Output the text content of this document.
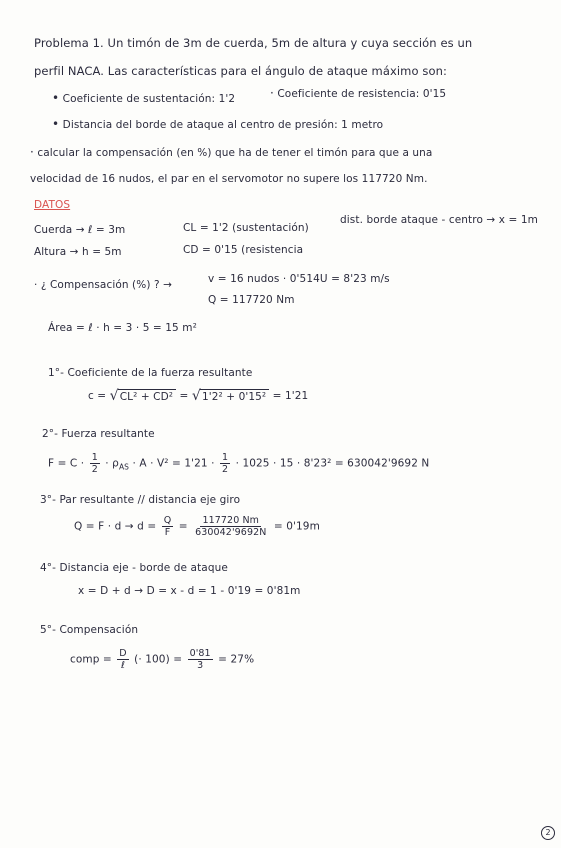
Problema 1. Un timón de 3m de cuerda, 5m de altura y cuya sección es un
perfil NACA. Las características para el ángulo de ataque máximo son:
• Coeficiente de sustentación: 1'2	· Coeficiente de resistencia: 0'15
• Distancia del borde de ataque al centro de presión: 1 metro
· calcular la compensación (en %) que ha de tener el timón para que a una
velocidad de 16 nudos, el par en el servomotor no supere los 117720 Nm.
DATOS
Cuerda → ℓ = 3m	CL = 1'2 (sustentación)
dist. borde ataque - centro → x = 1m
Altura → h = 5m	CD = 0'15 (resistencia
· ¿ Compensación (%) ? →	v = 16 nudos · 0'514U = 8'23 m/s
Q = 117720 Nm
Área = ℓ · h = 3 · 5 = 15 m²
1°- Coeficiente de la fuerza resultante
c = √ CL² + CD² = √ 1'2² + 0'15² = 1'21
2°- Fuerza resultante
$F = C \cdot \frac{1}{2} \cdot \rho_{AS} \cdot A \cdot V^2 = 1'21 \cdot \frac{1}{2} \cdot 1025 \cdot 15 \cdot 8'23^2 = 630042'9692$ N
3°- Par resultante // distancia eje giro
$Q = F \cdot d \to d = \frac{Q}{F} = \frac{117720 Nm}{630042'9692N} = 0'19m$
4°- Distancia eje - borde de ataque
x = D + d → D = x - d = 1 - 0'19 = 0'81m
5°- Compensación
comp = $\frac{D}{\text{ℓ}}$ (· $100) = \frac{0'81}{3} = 27\%$
2
